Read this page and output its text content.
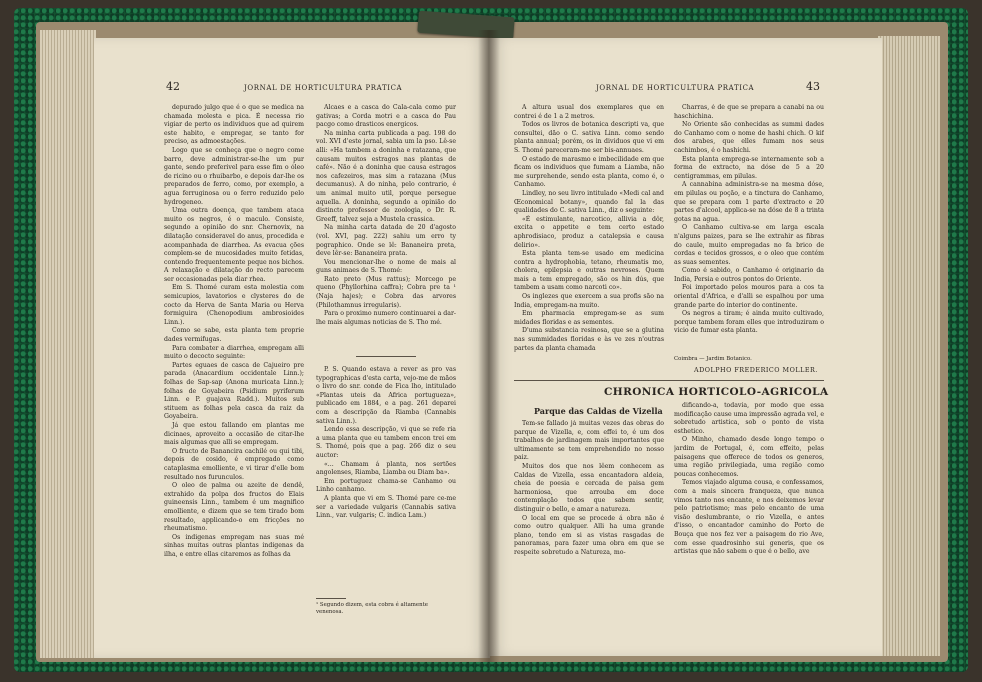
42	JORNAL DE HORTICULTURA PRATICA

depurado julgo que é o que se medica na chamada molesta e pica. É necessa rio vigiar de perto os individuos que ad quirem este habito, e empregar, se tanto for preciso, as admoestações.

Logo que se conheça que o negro come barro, deve administrar-se-lhe um pur gante, sendo preferivel para esse fim o óleo de ricino ou o rhuibarbo, e depois dar-lhe os preparados de ferro, como, por exemplo, a agua ferruginosa ou o ferro reduzido pelo hydrogeneo.

Uma outra doença, que tambem ataca muito os negros, é o maculo. Consiste, segundo a opinião do snr. Chernovix, na dilatação consideravel do anus, procedida e acompanhada de diarrhea. As evacua ções complem-se de mucosidades muito fetidas, contendo frequentemente peque nos bichos. A relaxação e dilatação do recto parecem ser occasionadas pela diar rhea.

Em S. Thomé curam esta molestia com semicupios, lavatorios e clysteres do de cocto da Herva de Santa Maria ou Herva formiguira (Chenopodium ambrosioides Linn.).

Como se sabe, esta planta tem proprie dades vermifugas.

Para combater a diarrhea, empregam alli muito o decocto seguinte:

Partes eguaes de casca de Cajueiro pre parada (Anacardium occidentale Linn.); folhas de Sap-sap (Anona muricata Linn.); folhas de Goyabeira (Psidium pyriferum Linn. e P. guajava Radd.). Muitos sub stituem as folhas pela casca da raiz da Goyabeira.

Já que estou fallando em plantas me dicinaes, aproveito a occasião de citar-lhe mais algumas que alli se empregam.

O fructo de Banancira cachilé ou qui tibi, depois de cosido, é empregado como cataplasma emolliente, e vi tirar d'elle bom resultado nos furunculos.

O oleo de palma ou azeite de dendê, extrahido da polpa dos fructos do Elais guineensis Linn., tambem é um magnifico emolliente, e dizem que se tem tirado bom resultado, applicando-o em fricções no rheumatismo.

Os indigenas empregam nas suas mé sinhas muitas outras plantas indigenas da ilha, e entre ellas citaremos as folhas da

Alcaes e a casca do Cala-cala como pur gativas; a Corda motri e a casca do Pau pacgo como drasticos energicos.

Na minha carta publicada a pag. 198 do vol. XVI d'este jornal, sabia um la pso. Lê-se alli: «Ha tambem a doninha e ratazana, que causam muitos estragos nas plantas de café». Não é a doninha que causa estragos nos cafezeiros, mas sim a ratazana (Mus decumanus). A do ninha, pelo contrario, é um animal muito util, porque persegue aquella. A doninha, segundo a opinião do distincto professor de zoologia, o Dr. R. Greeff, talvez seja a Mustela crassica.

Na minha carta datada de 20 d'agosto (vol. XVI, pag. 222) sahiu um erro ty pographico. Onde se lê: Bananeira preta, deve lêr-se: Bananeira prata.

Vou mencionar-lhe o nome de mais al guns animaes de S. Thomé:

Rato preto (Mus rattus); Morcego pe queno (Phyllorhina caffra); Cobra pre ta ¹ (Naja hajes); e Cobra das arvores (Philothamnus irregularis).

Para o proximo numero continuarei a dar-lhe mais algumas noticias de S. Tho mé.

P. S. Quando estava a rever as pro vas typographicas d'esta carta, vejo-me de mãos o livro do snr. conde de Fica lho, intitulado «Plantas uteis da Africa portugueza», publicado em 1884, e a pag. 261 deparei com a descripção da Riamba (Cannabis sativa Linn.).

Lendo essa descripção, vi que se refe ria a uma planta que eu tambem encon trei em S. Thomé, pois que a pag. 266 diz o seu auctor:

«... Chamam á planta, nos sertões angolenses, Riamba, Liamba ou Diam ba».

Em portuguez chama-se Canhamo ou Linho canhamo.

A planta que vi em S. Thomé pare ce-me ser a variedade vulgaris (Cannabis sativa Linn., var. vulgaris; C. indica Lam.)

¹ Segundo dizem, esta cobra é altamente venenosa.
JORNAL DE HORTICULTURA PRATICA	43

A altura usual dos exemplares que en contrei é de 1 a 2 metros.

Todos os livros de botanica descripti va, que consultei, dão o C. sativa Linn. como sendo planta annual; porém, os in dividuos que vi em S. Thomé pareceram-me ser bis-annuaes.

O estado de marasmo e imbecilidade em que ficam os individuos que fumam a Liamba, não me surprehende, sendo esta planta, como é, o Canhamo.

Lindley, no seu livro intitulado «Medi cal and Œconomical botany», quando fal la das qualidades do C. sativa Linn., diz o seguinte:

«É estimulante, narcotico, allivia a dôr, excita o appetite e tem certo estado aphrodisiaco, produz a catalepsia e causa delirio».

Esta planta tem-se usado em medicina contra a hydrophobia, tetano, rheumatis mo, cholera, epilepsia e outras nevroses. Quem mais a tem empregado, são os hin dús, que tambem a usam como narcoti co».

Os inglezes que exercem a sua profis são na India, empregam-na muito.

Em pharmacia empregam-se as sum midades floridas e as sementes.

D'uma substancia resinosa, que se a glutina nas summidades floridas e às ve zes n'outras partes da planta chamada

Charras, é de que se prepara a canabi na ou haschichina.

No Oriente são conhecidas as summi dades do Canhamo com o nome de hashi chich. O kif dos arabes, que elles fumam nos seus cachimbos, é o hashichi.

Esta planta emprega-se internamente sob a forma de extracto, na dóse de 5 a 20 centigrammas, em pilulas.

A cannabina administra-se na mesma dóse, em pilulas ou poção, e a tinctura do Canhamo, que se prepara com 1 parte d'extracto e 20 partes d'alcool, applica-se na dóse de 8 a trinta gotas na agua.

O Canhamo cultiva-se em larga escala n'alguns paizes, para se lhe extrahir as fibras do caule, muito empregadas no fa brico de cordas e tecidos grossos, e o oleo que contém as suas sementes.

Como é sabido, o Canhamo é originario da India, Persia e outros pontos do Oriente.

Foi importado pelos mouros para a cos ta oriental d'Africa, e d'alli se espalhou por uma grande parte do interior do continente.

Os negros a tiram; é ainda muito cultivado, porque tambem foram elles que introduziram o vicio de fumar esta planta.

Coimbra — Jardim Botanico.
ADOLPHO FREDERICO MOLLER.
CHRONICA HORTICOLO-AGRICOLA
Parque das Caldas de Vizella

Tem-se fallado já muitas vezes das obras do parque de Vizella, e, com effei to, é um dos trabalhos de jardinagem mais importantes que ultimamente se tem emprehendido no nosso paiz.

Muitos dos que nos lêem conhecem as Caldas de Vizella, essa encantadora aldeia, cheia de poesia e cercada de paisa gem harmoniosa, que arrouba em doce contemplação todos que sabem sentir, distinguir o bello, e amar a natureza.

O local em que se procede á obra não é como outro qualquer. Alli ha uma grande plano, tendo em si as vistas rasgadas de panoramas, para fazer uma obra em que se respeite sobretudo a Natureza, mo-

dificando-a, todavia, por modo que essa modificação cause uma impressão agrada vel, e sobretudo artistica, sob o ponto de vista esthetico.

O Minho, chamado desde longo tempo o jardim de Portugal, é, com effeito, pelas paisagens que offerece de todos os generos, uma região privilegiada, uma região como poucas conhecemos.

Temos viajado alguma cousa, e confessamos, com a mais sincera franqueza, que nunca vimos tanto nos encante, e nos deixemos levar pelo patriotismo; mas pelo encanto de uma visão deslumbrante, o rio Vizella, e antes d'isso, o encantador caminho do Porto de Bouça que nos fez ver a paisagem do rio Ave, com esse quadrosinho sui generis, que os artistas que não sabem o que é o bello, ave
